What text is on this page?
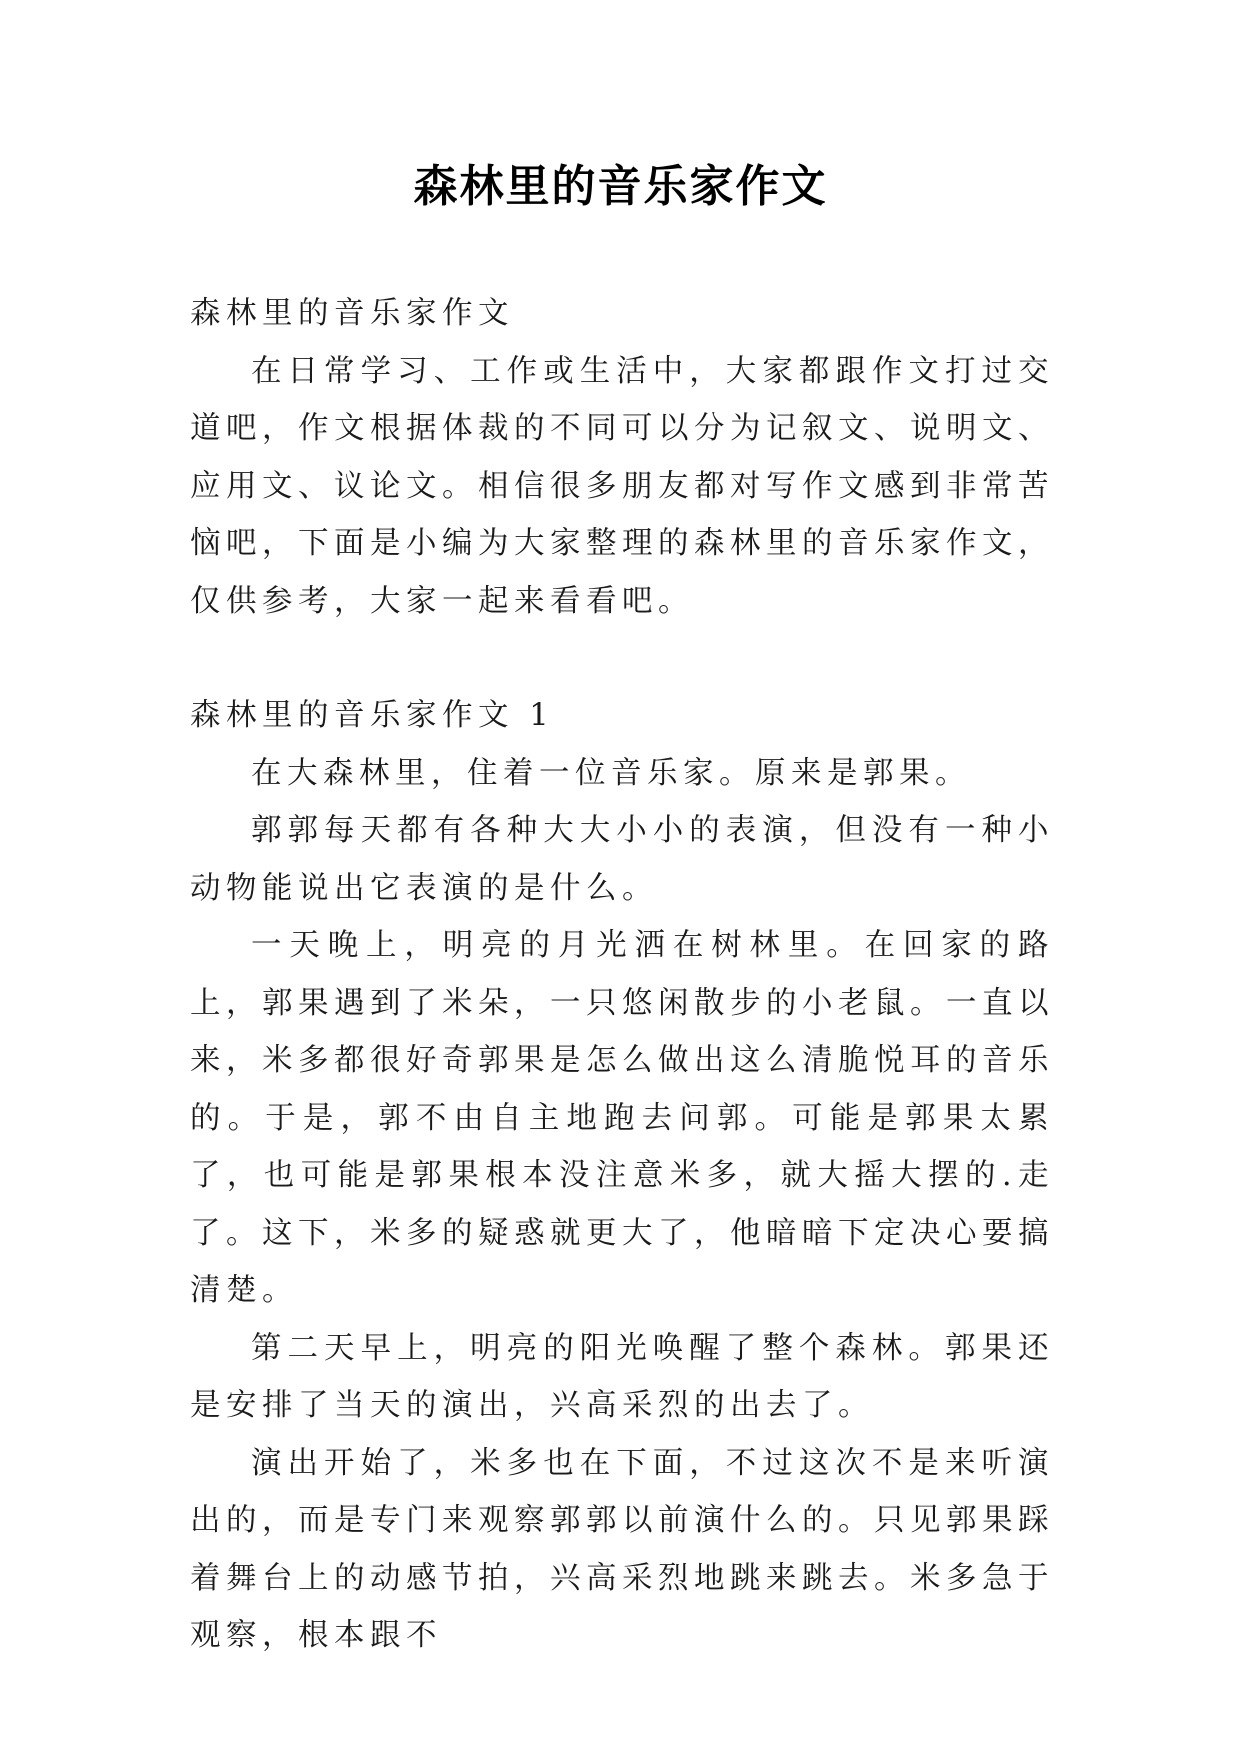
森林里的音乐家作文

森林里的音乐家作文

在日常学习、工作或生活中，大家都跟作文打过交道吧，作文根据体裁的不同可以分为记叙文、说明文、应用文、议论文。相信很多朋友都对写作文感到非常苦恼吧，下面是小编为大家整理的森林里的音乐家作文，仅供参考，大家一起来看看吧。

森林里的音乐家作文 1

在大森林里，住着一位音乐家。原来是郭果。

郭郭每天都有各种大大小小的表演，但没有一种小动物能说出它表演的是什么。

一天晚上，明亮的月光洒在树林里。在回家的路上，郭果遇到了米朵，一只悠闲散步的小老鼠。一直以来，米多都很好奇郭果是怎么做出这么清脆悦耳的音乐的。于是，郭不由自主地跑去问郭。可能是郭果太累了，也可能是郭果根本没注意米多，就大摇大摆的.走了。这下，米多的疑惑就更大了，他暗暗下定决心要搞清楚。

第二天早上，明亮的阳光唤醒了整个森林。郭果还是安排了当天的演出，兴高采烈的出去了。

演出开始了，米多也在下面，不过这次不是来听演出的，而是专门来观察郭郭以前演什么的。只见郭果踩着舞台上的动感节拍，兴高采烈地跳来跳去。米多急于观察，根本跟不
